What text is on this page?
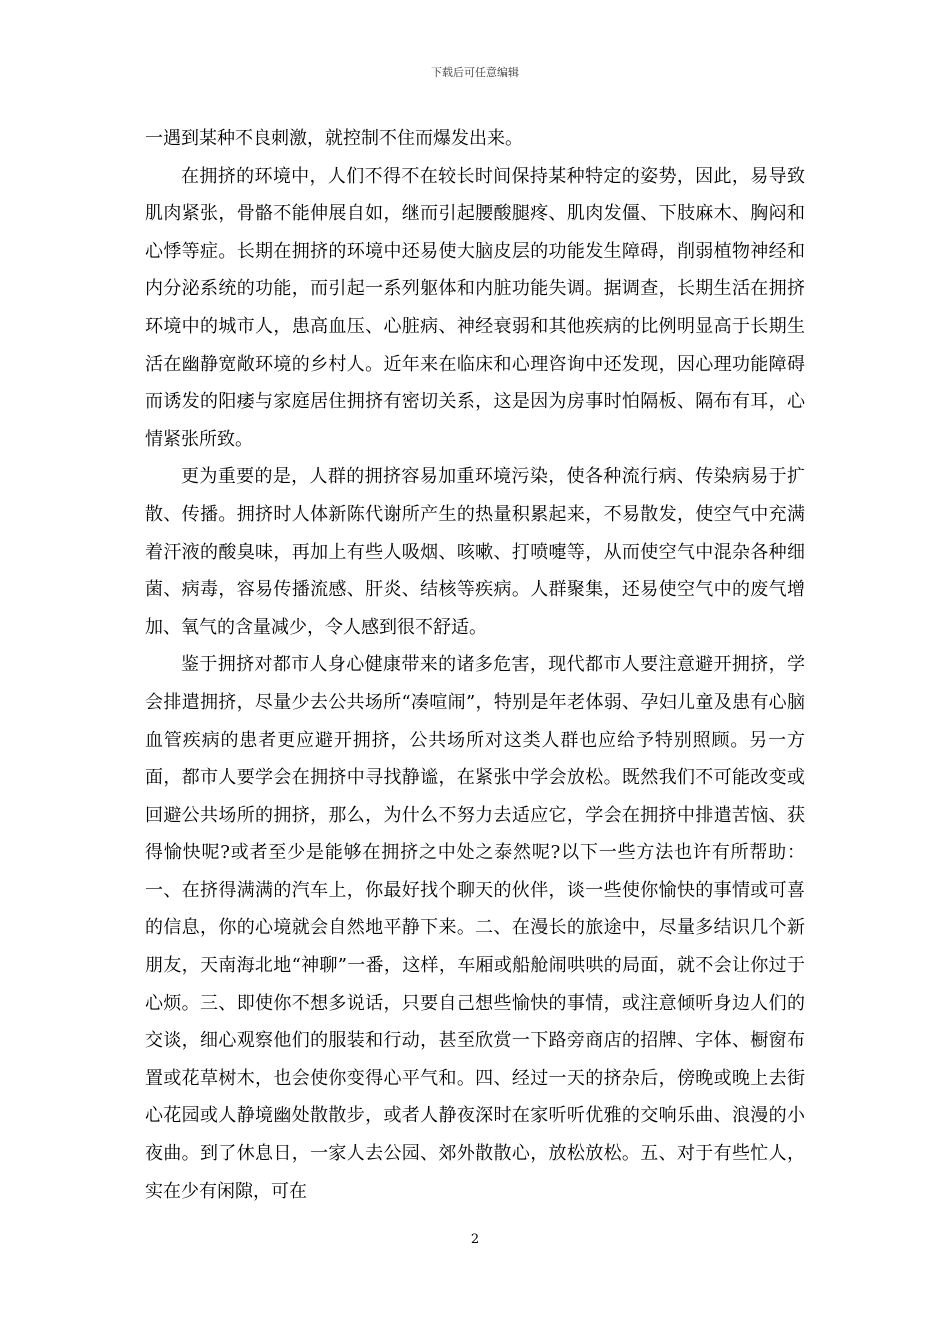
下载后可任意编辑

一遇到某种不良刺激，就控制不住而爆发出来。

在拥挤的环境中，人们不得不在较长时间保持某种特定的姿势，因此，易导致肌肉紧张，骨骼不能伸展自如，继而引起腰酸腿疼、肌肉发僵、下肢麻木、胸闷和心悸等症。长期在拥挤的环境中还易使大脑皮层的功能发生障碍，削弱植物神经和内分泌系统的功能，而引起一系列躯体和内脏功能失调。据调查，长期生活在拥挤环境中的城市人，患高血压、心脏病、神经衰弱和其他疾病的比例明显高于长期生活在幽静宽敞环境的乡村人。近年来在临床和心理咨询中还发现，因心理功能障碍而诱发的阳痿与家庭居住拥挤有密切关系，这是因为房事时怕隔板、隔布有耳，心情紧张所致。

更为重要的是，人群的拥挤容易加重环境污染，使各种流行病、传染病易于扩散、传播。拥挤时人体新陈代谢所产生的热量积累起来，不易散发，使空气中充满着汗液的酸臭味，再加上有些人吸烟、咳嗽、打喷嚏等，从而使空气中混杂各种细菌、病毒，容易传播流感、肝炎、结核等疾病。人群聚集，还易使空气中的废气增加、氧气的含量减少，令人感到很不舒适。

鉴于拥挤对都市人身心健康带来的诸多危害，现代都市人要注意避开拥挤，学会排遣拥挤，尽量少去公共场所“凑喧闹”，特别是年老体弱、孕妇儿童及患有心脑血管疾病的患者更应避开拥挤，公共场所对这类人群也应给予特别照顾。另一方面，都市人要学会在拥挤中寻找静谧，在紧张中学会放松。既然我们不可能改变或回避公共场所的拥挤，那么，为什么不努力去适应它，学会在拥挤中排遣苦恼、获得愉快呢?或者至少是能够在拥挤之中处之泰然呢?以下一些方法也许有所帮助：一、在挤得满满的汽车上，你最好找个聊天的伙伴，谈一些使你愉快的事情或可喜的信息，你的心境就会自然地平静下来。二、在漫长的旅途中，尽量多结识几个新朋友，天南海北地“神聊”一番，这样，车厢或船舱闹哄哄的局面，就不会让你过于心烦。三、即使你不想多说话，只要自己想些愉快的事情，或注意倾听身边人们的交谈，细心观察他们的服装和行动，甚至欣赏一下路旁商店的招牌、字体、橱窗布置或花草树木，也会使你变得心平气和。四、经过一天的挤杂后，傍晚或晚上去街心花园或人静境幽处散散步，或者人静夜深时在家听听优雅的交响乐曲、浪漫的小夜曲。到了休息日，一家人去公园、郊外散散心，放松放松。五、对于有些忙人，实在少有闲隙，可在

2
